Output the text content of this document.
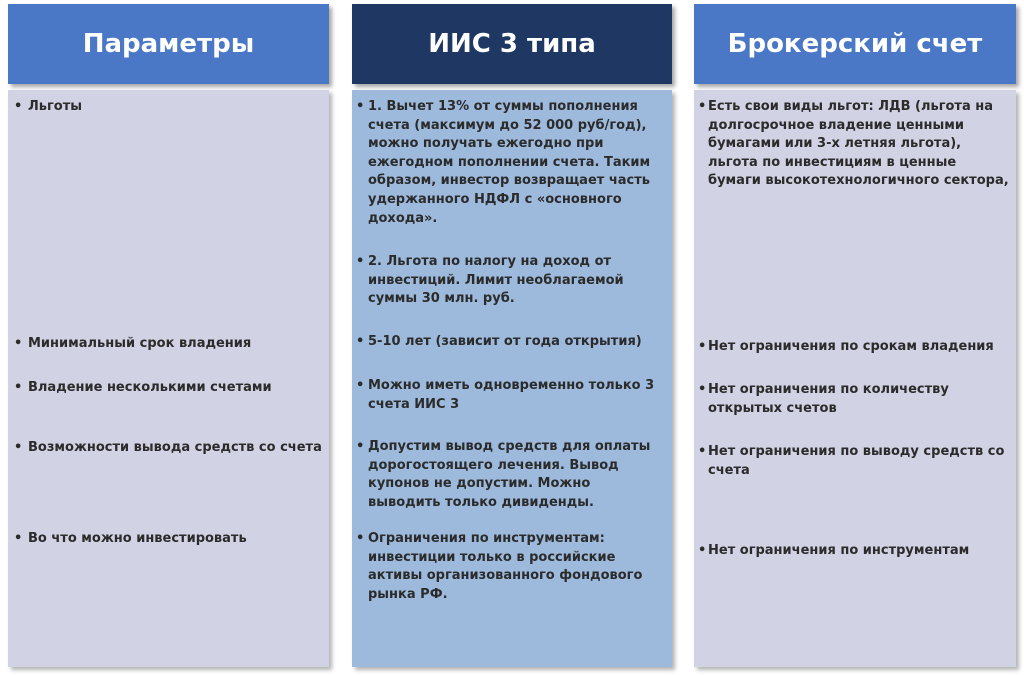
Параметры
• Льготы
• Минимальный срок владения
• Владение несколькими счетами
• Возможности вывода средств со счета
• Во что можно инвестировать
ИИС 3 типа
• 1. Вычет 13% от суммы пополнения счета (максимум до 52 000 руб/год), можно получать ежегодно при ежегодном пополнении счета. Таким образом, инвестор возвращает часть удержанного НДФЛ с «основного дохода».
• 2. Льгота по налогу на доход от инвестиций. Лимит необлагаемой суммы 30 млн. руб.
• 5-10 лет (зависит от года открытия)
• Можно иметь одновременно только 3 счета ИИС 3
• Допустим вывод средств для оплаты дорогостоящего лечения. Вывод купонов не допустим. Можно выводить только дивиденды.
• Ограничения по инструментам: инвестиции только в российские активы организованного фондового рынка РФ.
Брокерский счет
• Есть свои виды льгот: ЛДВ (льгота на долгосрочное владение ценными бумагами или 3-х летняя льгота), льгота по инвестициям в ценные бумаги высокотехнологичного сектора,
• Нет ограничения по срокам владения
• Нет ограничения по количеству открытых счетов
• Нет ограничения по выводу средств со счета
• Нет ограничения по инструментам
